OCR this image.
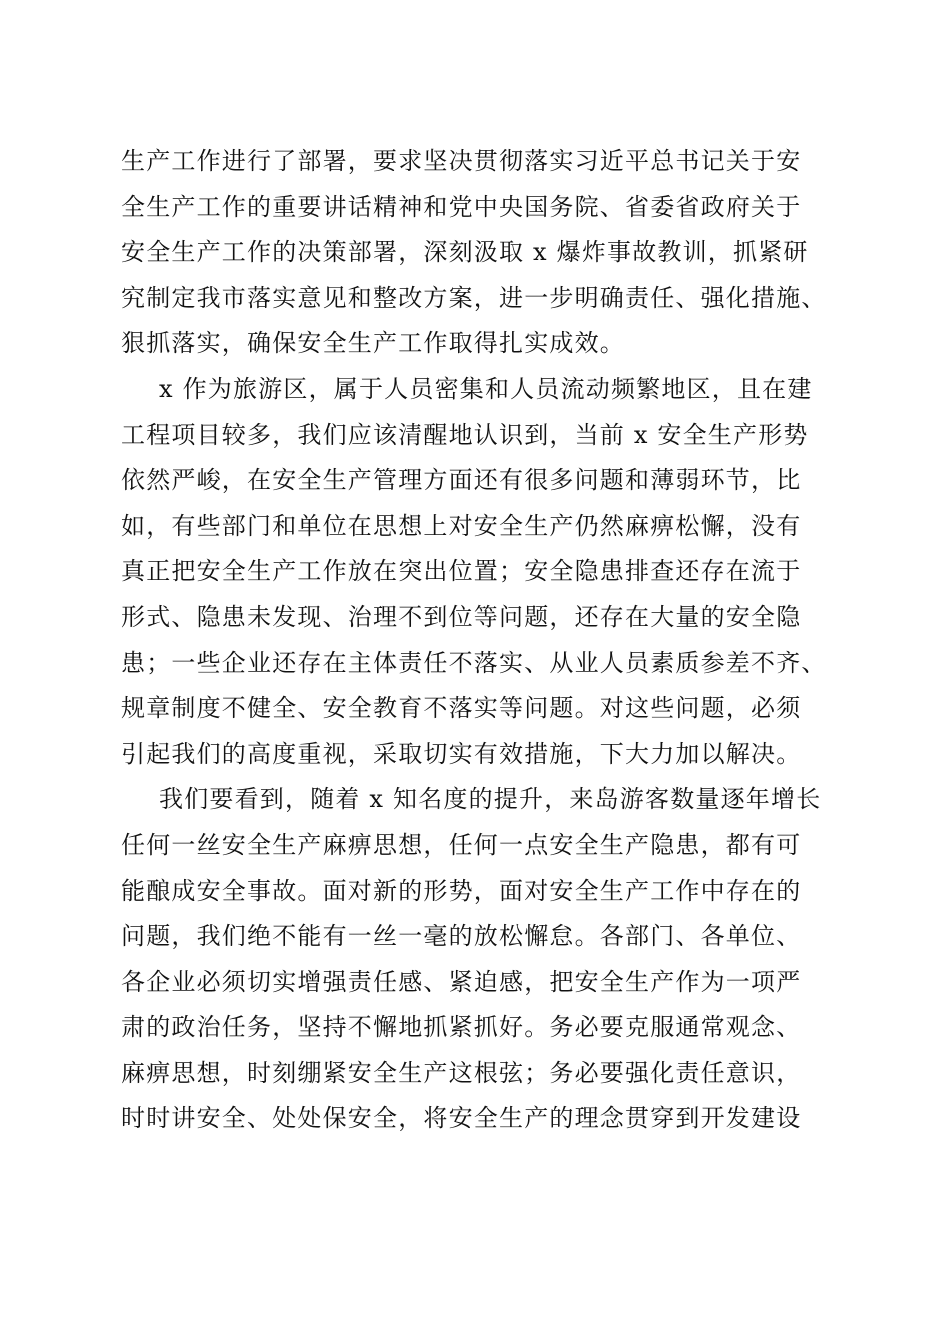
生产工作进行了部署，要求坚决贯彻落实习近平总书记关于安
全生产工作的重要讲话精神和党中央国务院、省委省政府关于
安全生产工作的决策部署，深刻汲取 x 爆炸事故教训，抓紧研
究制定我市落实意见和整改方案，进一步明确责任、强化措施、
狠抓落实，确保安全生产工作取得扎实成效。
x 作为旅游区，属于人员密集和人员流动频繁地区，且在建
工程项目较多，我们应该清醒地认识到，当前 x 安全生产形势
依然严峻，在安全生产管理方面还有很多问题和薄弱环节，比
如，有些部门和单位在思想上对安全生产仍然麻痹松懈，没有
真正把安全生产工作放在突出位置；安全隐患排查还存在流于
形式、隐患未发现、治理不到位等问题，还存在大量的安全隐
患；一些企业还存在主体责任不落实、从业人员素质参差不齐、
规章制度不健全、安全教育不落实等问题。对这些问题，必须
引起我们的高度重视，采取切实有效措施，下大力加以解决。
我们要看到，随着 x 知名度的提升，来岛游客数量逐年增长
任何一丝安全生产麻痹思想，任何一点安全生产隐患，都有可
能酿成安全事故。面对新的形势，面对安全生产工作中存在的
问题，我们绝不能有一丝一毫的放松懈怠。各部门、各单位、
各企业必须切实增强责任感、紧迫感，把安全生产作为一项严
肃的政治任务，坚持不懈地抓紧抓好。务必要克服通常观念、
麻痹思想，时刻绷紧安全生产这根弦；务必要强化责任意识，
时时讲安全、处处保安全，将安全生产的理念贯穿到开发建设
